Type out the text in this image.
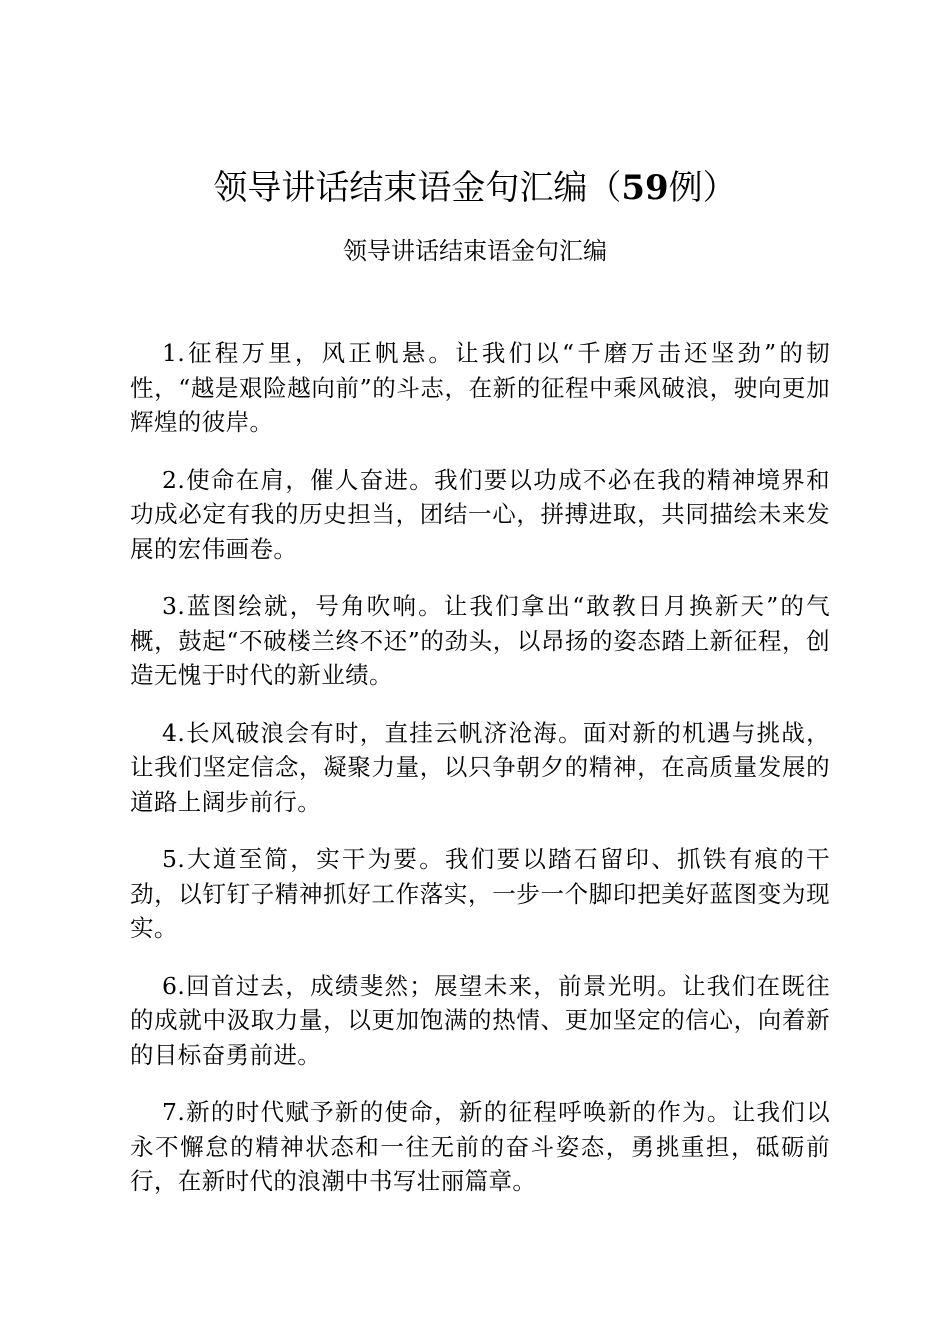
领导讲话结束语金句汇编（59例）

领导讲话结束语金句汇编

1.征程万里，风正帆悬。让我们以“千磨万击还坚劲”的韧性，“越是艰险越向前”的斗志，在新的征程中乘风破浪，驶向更加辉煌的彼岸。

2.使命在肩，催人奋进。我们要以功成不必在我的精神境界和功成必定有我的历史担当，团结一心，拼搏进取，共同描绘未来发展的宏伟画卷。

3.蓝图绘就，号角吹响。让我们拿出“敢教日月换新天”的气概，鼓起“不破楼兰终不还”的劲头，以昂扬的姿态踏上新征程，创造无愧于时代的新业绩。

4.长风破浪会有时，直挂云帆济沧海。面对新的机遇与挑战，让我们坚定信念，凝聚力量，以只争朝夕的精神，在高质量发展的道路上阔步前行。

5.大道至简，实干为要。我们要以踏石留印、抓铁有痕的干劲，以钉钉子精神抓好工作落实，一步一个脚印把美好蓝图变为现实。

6.回首过去，成绩斐然；展望未来，前景光明。让我们在既往的成就中汲取力量，以更加饱满的热情、更加坚定的信心，向着新的目标奋勇前进。

7.新的时代赋予新的使命，新的征程呼唤新的作为。让我们以永不懈怠的精神状态和一往无前的奋斗姿态，勇挑重担，砥砺前行，在新时代的浪潮中书写壮丽篇章。
